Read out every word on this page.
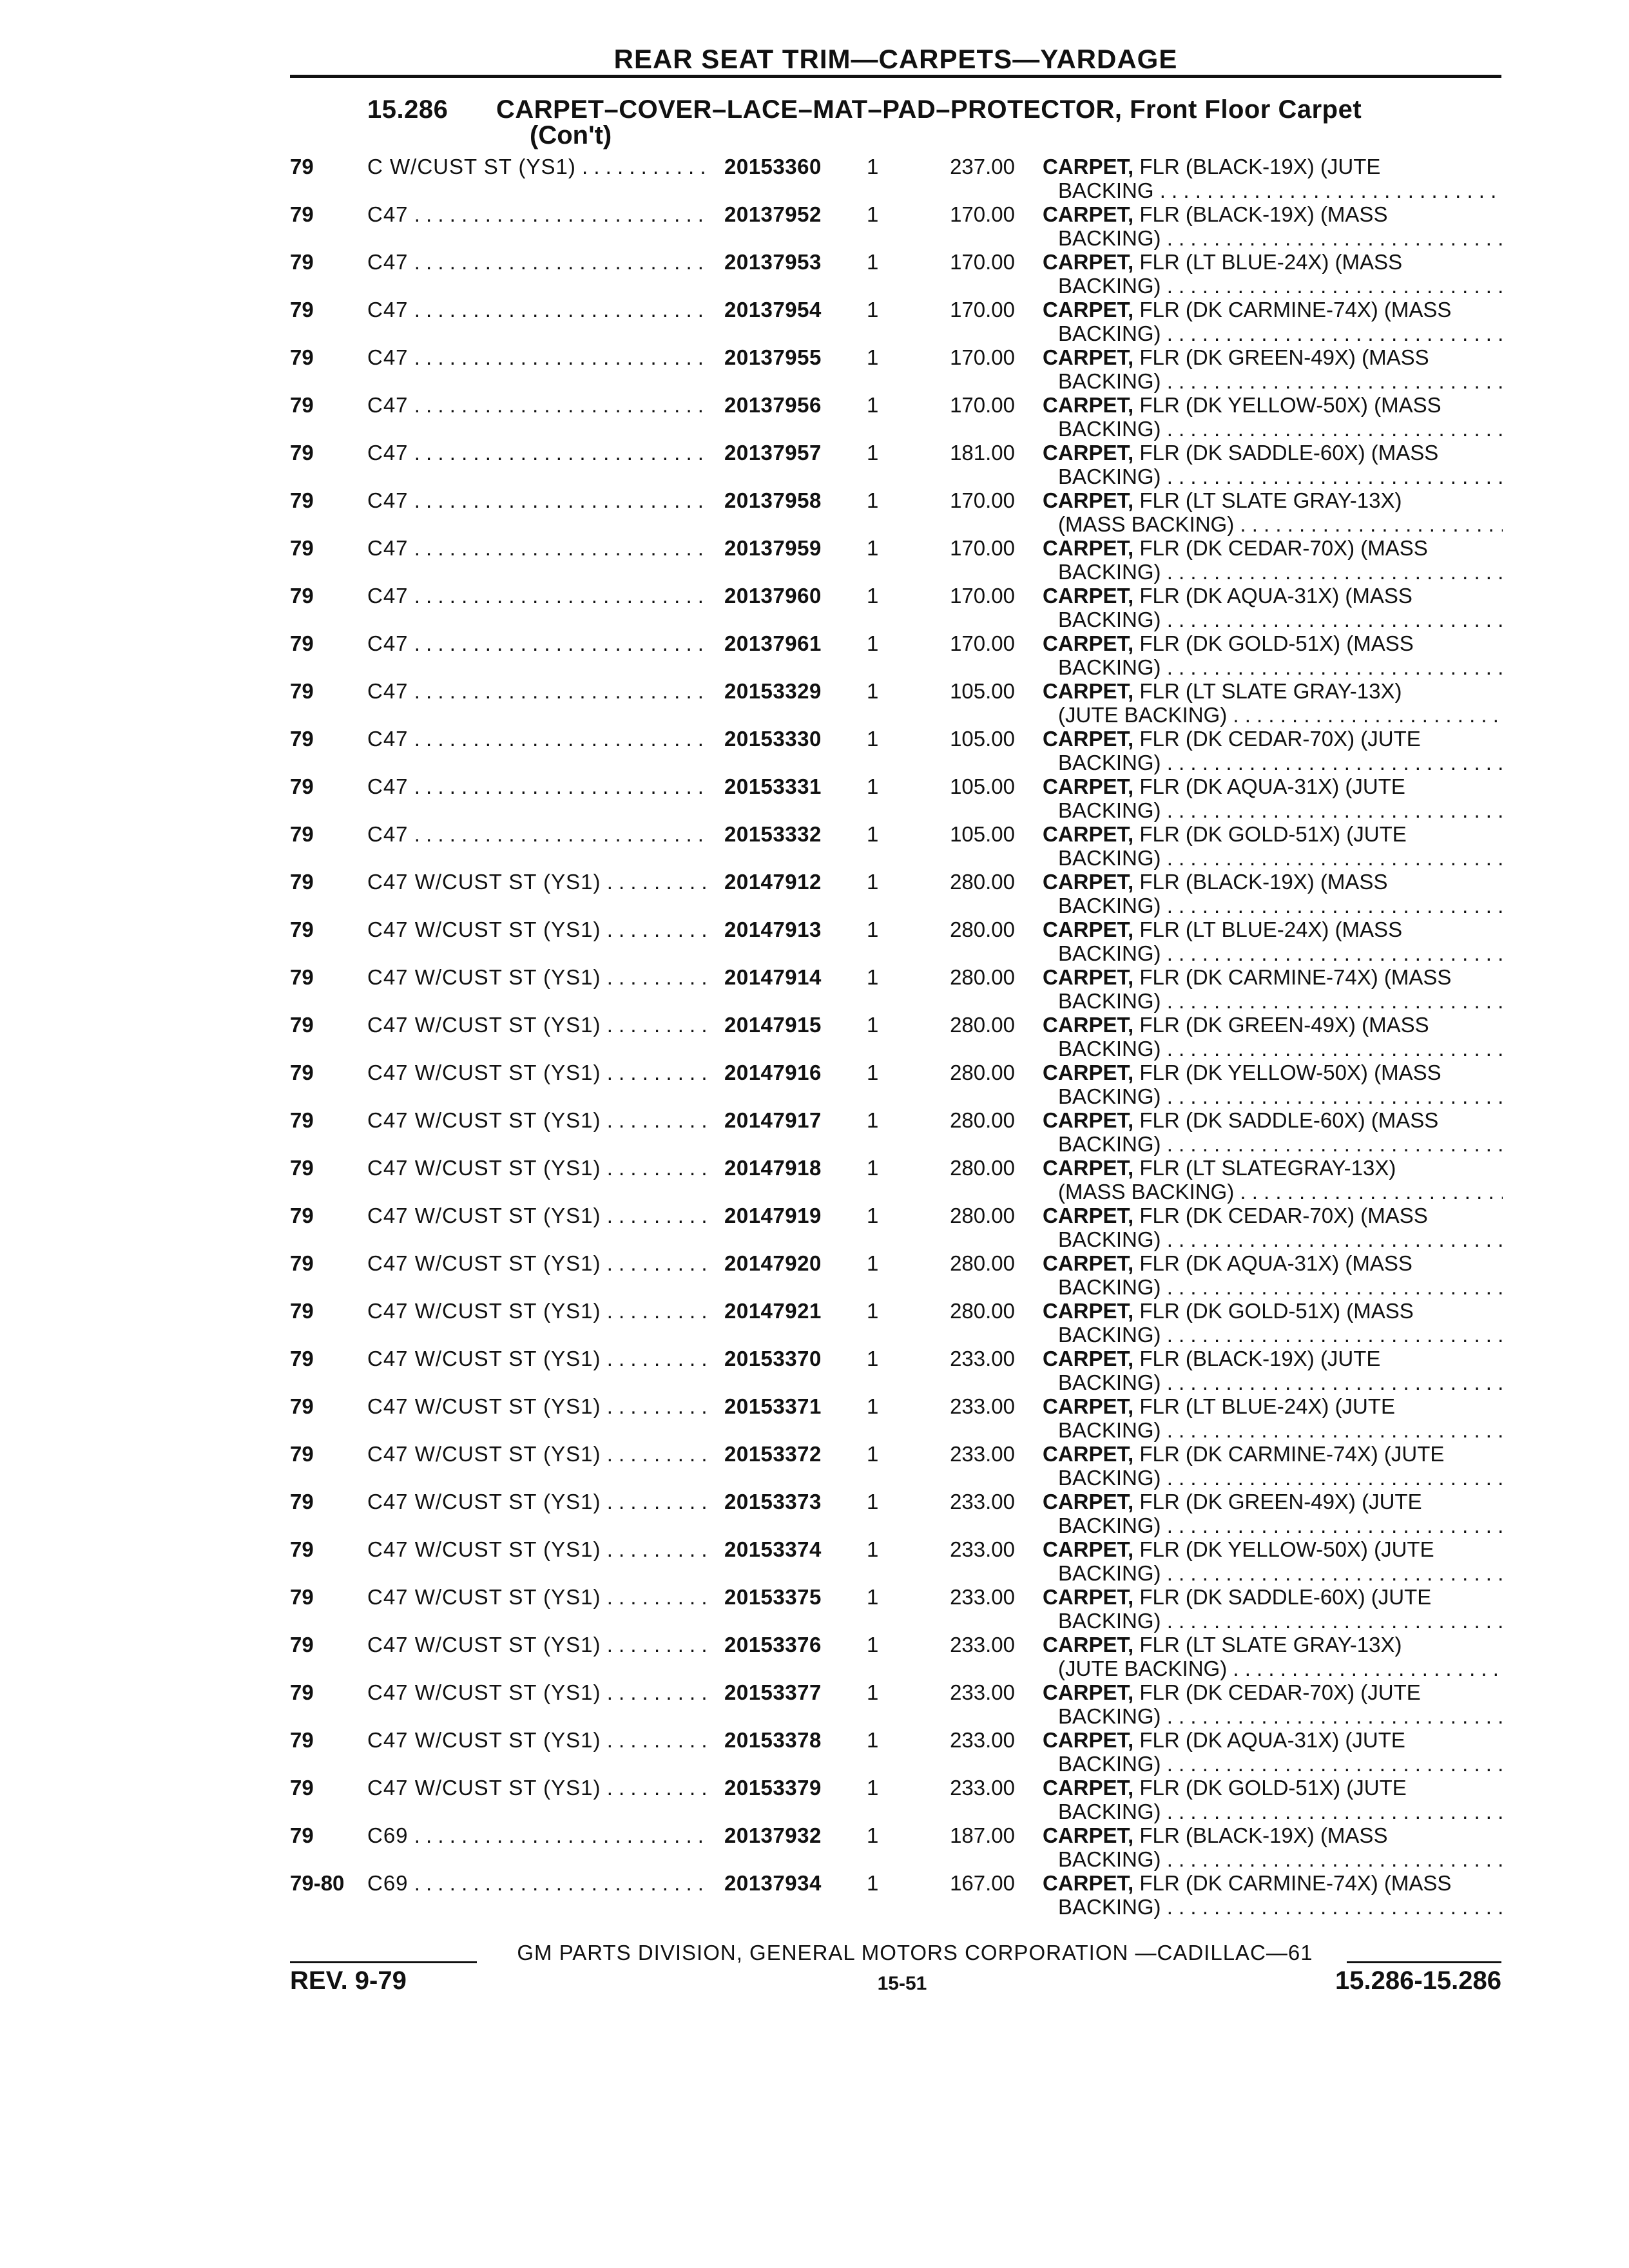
REAR SEAT TRIM—CARPETS—YARDAGE
15.286 CARPET–COVER–LACE–MAT–PAD–PROTECTOR, Front Floor Carpet
(Con't)
79	C W/CUST ST (YS1) . . .	20153360 1	237.00 CARPET, FLR (BLACK-19X) (JUTE
BACKING . . .
79	C47 . . .	20137952 1	170.00 CARPET, FLR (BLACK-19X) (MASS
BACKING) . . .
79	C47 . . .	20137953 1	170.00 CARPET, FLR (LT BLUE-24X) (MASS
BACKING) . . .
79	C47 . . .	20137954 1	170.00 CARPET, FLR (DK CARMINE-74X) (MASS
BACKING) . . .
79	C47 . . .	20137955 1	170.00 CARPET, FLR (DK GREEN-49X) (MASS
BACKING) . . .
79	C47 . . .	20137956 1	170.00 CARPET, FLR (DK YELLOW-50X) (MASS
BACKING) . . .
79	C47 . . .	20137957 1	181.00 CARPET, FLR (DK SADDLE-60X) (MASS
BACKING) . . .
79	C47 . . .	20137958 1	170.00 CARPET, FLR (LT SLATE GRAY-13X)
(MASS BACKING) . . .
79	C47 . . .	20137959 1	170.00 CARPET, FLR (DK CEDAR-70X) (MASS
BACKING) . . .
79	C47 . . .	20137960 1	170.00 CARPET, FLR (DK AQUA-31X) (MASS
BACKING) . . .
79	C47 . . .	20137961 1	170.00 CARPET, FLR (DK GOLD-51X) (MASS
BACKING) . . .
79	C47 . . .	20153329 1	105.00 CARPET, FLR (LT SLATE GRAY-13X)
(JUTE BACKING) . . .
79	C47 . . .	20153330 1	105.00 CARPET, FLR (DK CEDAR-70X) (JUTE
BACKING) . . .
79	C47 . . .	20153331 1	105.00 CARPET, FLR (DK AQUA-31X) (JUTE
BACKING) . . .
79	C47 . . .	20153332 1	105.00 CARPET, FLR (DK GOLD-51X) (JUTE
BACKING) . . .
79	C47 W/CUST ST (YS1) . . .	20147912 1	280.00 CARPET, FLR (BLACK-19X) (MASS
BACKING) . . .
79	C47 W/CUST ST (YS1) . . .	20147913 1	280.00 CARPET, FLR (LT BLUE-24X) (MASS
BACKING) . . .
79	C47 W/CUST ST (YS1) . . .	20147914 1	280.00 CARPET, FLR (DK CARMINE-74X) (MASS
BACKING) . . .
79	C47 W/CUST ST (YS1) . . .	20147915 1	280.00 CARPET, FLR (DK GREEN-49X) (MASS
BACKING) . . .
79	C47 W/CUST ST (YS1) . . .	20147916 1	280.00 CARPET, FLR (DK YELLOW-50X) (MASS
BACKING) . . .
79	C47 W/CUST ST (YS1) . . .	20147917 1	280.00 CARPET, FLR (DK SADDLE-60X) (MASS
BACKING) . . .
79	C47 W/CUST ST (YS1) . . .	20147918 1	280.00 CARPET, FLR (LT SLATEGRAY-13X)
(MASS BACKING) . . .
79	C47 W/CUST ST (YS1) . . .	20147919 1	280.00 CARPET, FLR (DK CEDAR-70X) (MASS
BACKING) . . .
79	C47 W/CUST ST (YS1) . . .	20147920 1	280.00 CARPET, FLR (DK AQUA-31X) (MASS
BACKING) . . .
79	C47 W/CUST ST (YS1) . . .	20147921 1	280.00 CARPET, FLR (DK GOLD-51X) (MASS
BACKING) . . .
79	C47 W/CUST ST (YS1) . . .	20153370 1	233.00 CARPET, FLR (BLACK-19X) (JUTE
BACKING) . . .
79	C47 W/CUST ST (YS1) . . .	20153371 1	233.00 CARPET, FLR (LT BLUE-24X) (JUTE
BACKING) . . .
79	C47 W/CUST ST (YS1) . . .	20153372 1	233.00 CARPET, FLR (DK CARMINE-74X) (JUTE
BACKING) . . .
79	C47 W/CUST ST (YS1) . . .	20153373 1	233.00 CARPET, FLR (DK GREEN-49X) (JUTE
BACKING) . . .
79	C47 W/CUST ST (YS1) . . .	20153374 1	233.00 CARPET, FLR (DK YELLOW-50X) (JUTE
BACKING) . . .
79	C47 W/CUST ST (YS1) . . .	20153375 1	233.00 CARPET, FLR (DK SADDLE-60X) (JUTE
BACKING) . . .
79	C47 W/CUST ST (YS1) . . .	20153376 1	233.00 CARPET, FLR (LT SLATE GRAY-13X)
(JUTE BACKING) . . .
79	C47 W/CUST ST (YS1) . . .	20153377 1	233.00 CARPET, FLR (DK CEDAR-70X) (JUTE
BACKING) . . .
79	C47 W/CUST ST (YS1) . . .	20153378 1	233.00 CARPET, FLR (DK AQUA-31X) (JUTE
BACKING) . . .
79	C47 W/CUST ST (YS1) . . .	20153379 1	233.00 CARPET, FLR (DK GOLD-51X) (JUTE
BACKING) . . .
79	C69 . . .	20137932 1	187.00 CARPET, FLR (BLACK-19X) (MASS
BACKING) . . .
79-80 C69 . . .	20137934 1	167.00 CARPET, FLR (DK CARMINE-74X) (MASS
BACKING) . . .
GM PARTS DIVISION, GENERAL MOTORS CORPORATION —CADILLAC—61
REV. 9-79	15-51	15.286-15.286
